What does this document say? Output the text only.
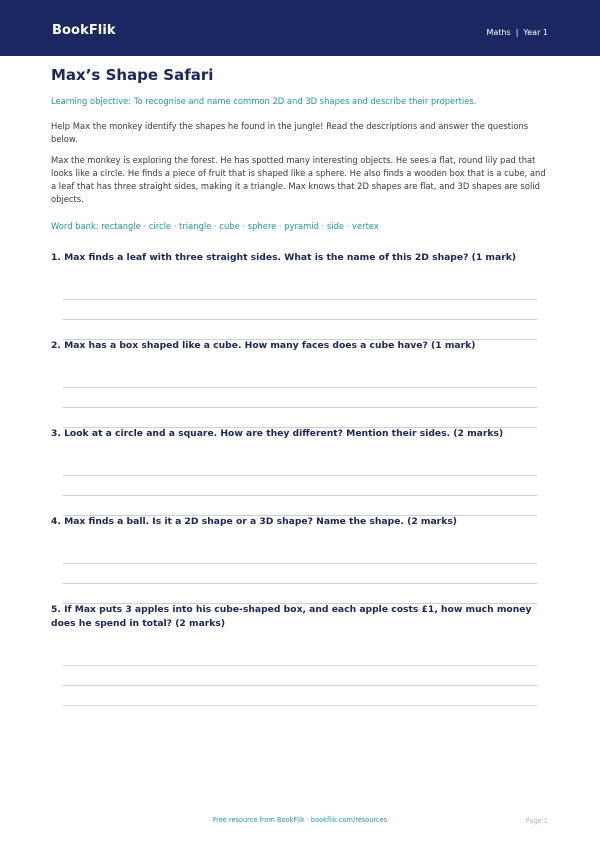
BookFlik	Maths | Year 1
Max’s Shape Safari

Learning objective: To recognise and name common 2D and 3D shapes and describe their properties.

Help Max the monkey identify the shapes he found in the jungle! Read the descriptions and answer the questions below.

Max the monkey is exploring the forest. He has spotted many interesting objects. He sees a flat, round lily pad that looks like a circle. He finds a piece of fruit that is shaped like a sphere. He also finds a wooden box that is a cube, and a leaf that has three straight sides, making it a triangle. Max knows that 2D shapes are flat, and 3D shapes are solid objects.

Word bank: rectangle · circle · triangle · cube · sphere · pyramid · side · vertex

1. Max finds a leaf with three straight sides. What is the name of this 2D shape? (1 mark)

2. Max has a box shaped like a cube. How many faces does a cube have? (1 mark)

3. Look at a circle and a square. How are they different? Mention their sides. (2 marks)

4. Max finds a ball. Is it a 2D shape or a 3D shape? Name the shape. (2 marks)

5. If Max puts 3 apples into his cube-shaped box, and each apple costs £1, how much money does he spend in total? (2 marks)

Free resource from BookFlik · bookflik.com/resources	Page 1
